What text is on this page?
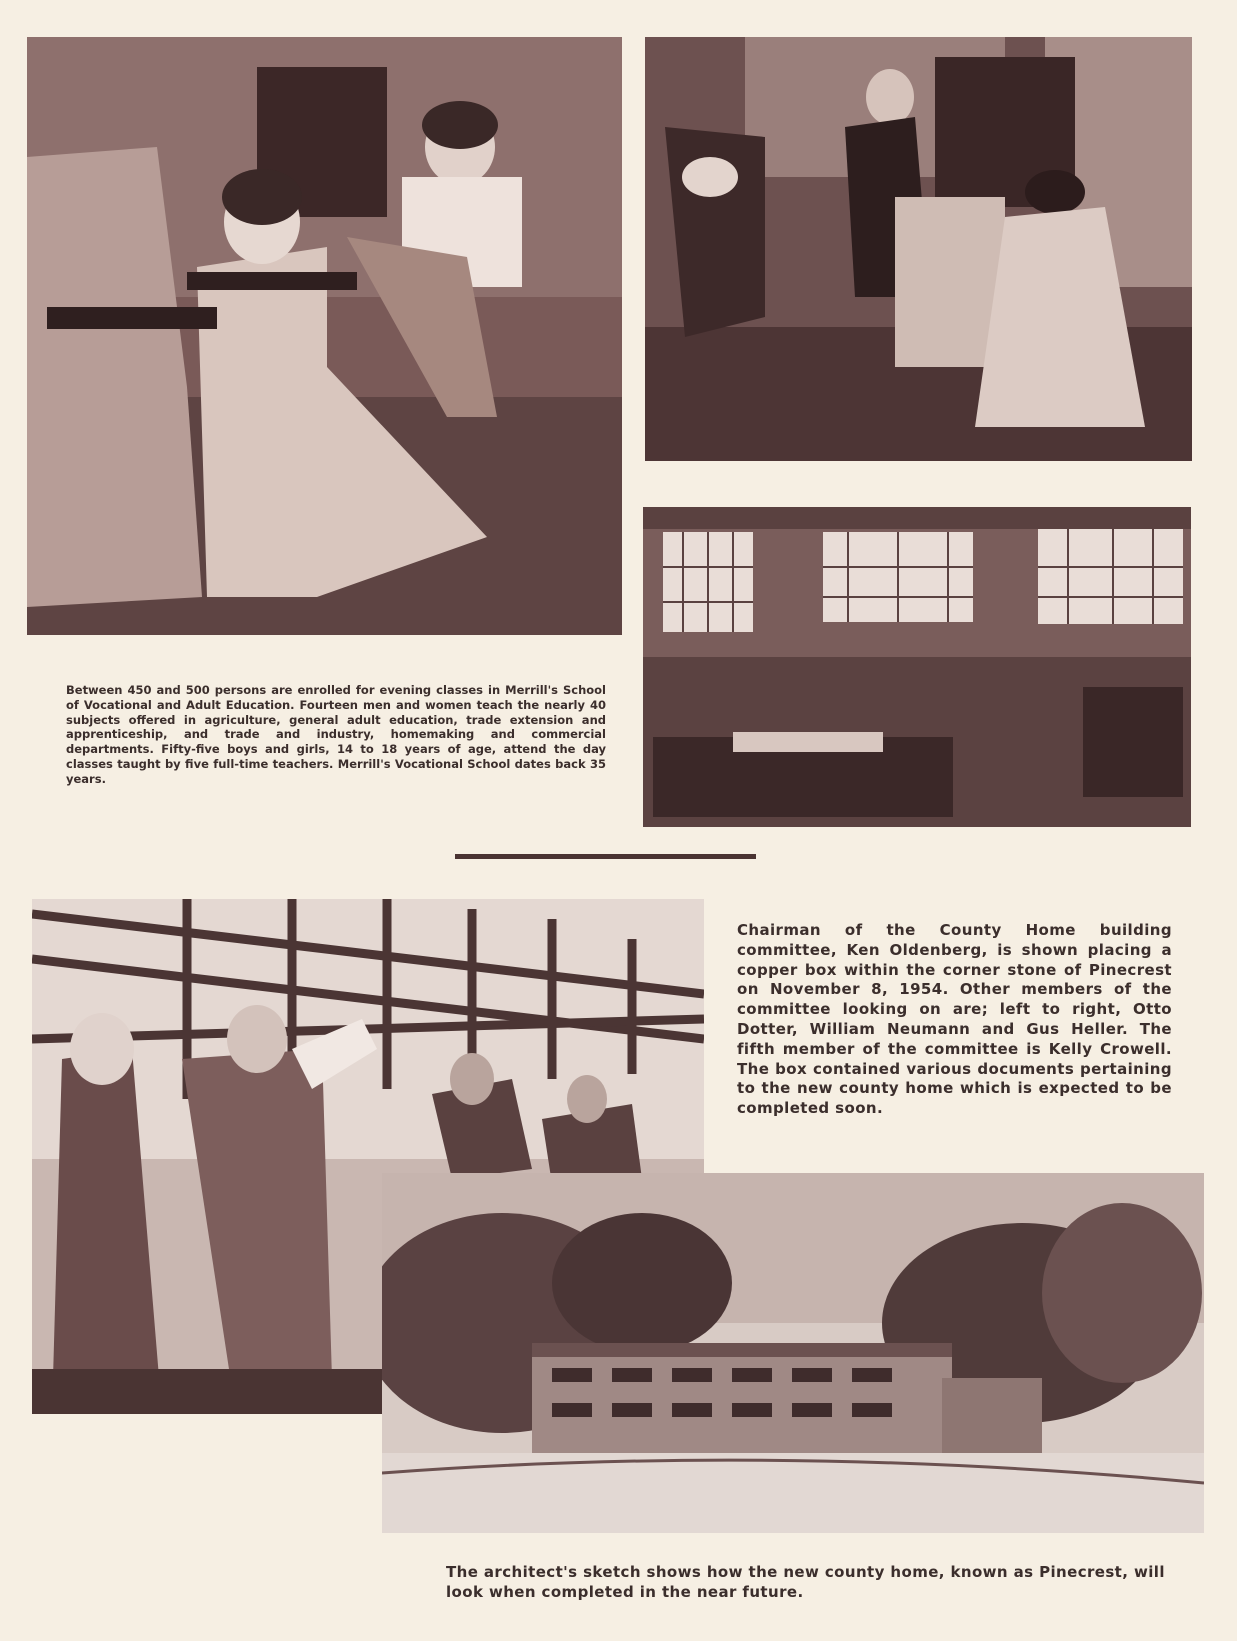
Between 450 and 500 persons are enrolled for evening classes in Merrill's School of Vocational and Adult Education. Fourteen men and women teach the nearly 40 subjects offered in agriculture, general adult education, trade extension and apprenticeship, and trade and industry, homemaking and commercial departments. Fifty-five boys and girls, 14 to 18 years of age, attend the day classes taught by five full-time teachers. Merrill's Vocational School dates back 35 years.
Chairman of the County Home building committee, Ken Oldenberg, is shown placing a copper box within the corner stone of Pinecrest on November 8, 1954. Other members of the committee looking on are; left to right, Otto Dotter, William Neumann and Gus Heller. The fifth member of the committee is Kelly Crowell. The box contained various documents pertaining to the new county home which is expected to be completed soon.
The architect's sketch shows how the new county home, known as Pinecrest, will look when completed in the near future.
